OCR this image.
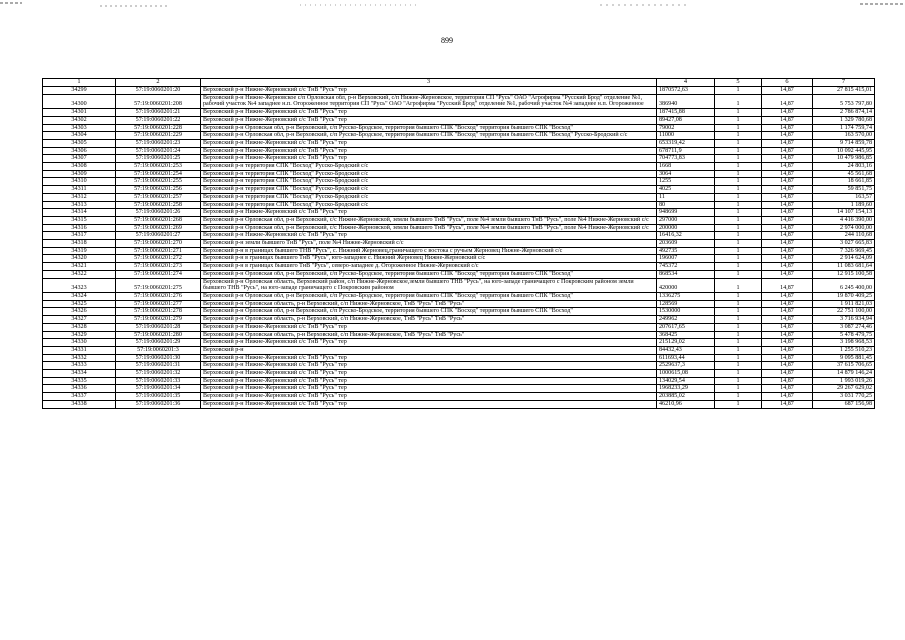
899
1	2	3	4	5	6	7
34299	57:19:0060201:20	Верховский р-н Нижне-Жерновский с/с ТнВ "Русь" тер	1870572,63	1	14,87	27 815 415,01
34300	57:19:0060201:208	Верховский р-н Нижне-Жерновское с/п Орловская обл, р-н Верховский, с/п Нижне-Жерновское, территория СП "Русь" ОАО "Агрофирма "Русский Брод" отделение №1, рабочий участок №4 западнее н.п. Огороженное территория СП "Русь" ОАО "Агрофирма "Русский Брод" отделение №1, рабочий участок №4 западнее н.п. Огороженное	386940	1	14,87	5 753 797,80
34301	57:19:0060201:21	Верховский р-н Нижне-Жерновский с/с ТнВ "Русь" тер	187415,88	1	14,87	2 786 874,14
34302	57:19:0060201:22	Верховский р-н Нижне-Жерновский с/с ТнВ "Русь" тер	89427,08	1	14,87	1 329 780,68
34303	57:19:0060201:228	Верховский р-н Орловская обл, р-н Верховский, с/п Русско-Бродское, территория бывшего СПК "Восход" территория бывшего СПК "Восход"	79002	1	14,87	1 174 759,74
34304	57:19:0060201:229	Верховский р-н Орловская обл, р-н Верховский, с/п Русско-Бродское, территория бывшего СПК "Восход" территория бывшего СПК "Восход" Русско-Бродский с/с	11000	1	14,87	163 570,00
34305	57:19:0060201:23	Верховский р-н Нижне-Жерновский с/с ТнВ "Русь" тер	653319,42	1	14,87	9 714 859,78
34306	57:19:0060201:24	Верховский р-н Нижне-Жерновский с/с ТнВ "Русь" тер	678711,9	1	14,87	10 092 445,95
34307	57:19:0060201:25	Верховский р-н Нижне-Жерновский с/с ТнВ "Русь" тер	704773,83	1	14,87	10 479 986,85
34308	57:19:0060201:253	Верховский р-н территория СПК "Восход" Русско-Бродский с/с	1668	1	14,87	24 803,16
34309	57:19:0060201:254	Верховский р-н территория СПК "Восход" Русско-Бродский с/с	3064	1	14,87	45 561,68
34310	57:19:0060201:255	Верховский р-н территория СПК "Восход" Русско-Бродский с/с	1255	1	14,87	18 661,85
34311	57:19:0060201:256	Верховский р-н территория СПК "Восход" Русско-Бродский с/с	4025	1	14,87	59 851,75
34312	57:19:0060201:257	Верховский р-н территория СПК "Восход" Русско-Бродский с/с	11	1	14,87	163,57
34313	57:19:0060201:258	Верховский р-н территория СПК "Восход" Русско-Бродский с/с	80	1	14,87	1 189,60
34314	57:19:0060201:26	Верховский р-н Нижне-Жерновский с/с ТнВ "Русь" тер	948699	1	14,87	14 107 154,13
34315	57:19:0060201:268	Верховский р-н Орловская обл, р-н Верховский, с/с Нижне-Жерновской, земли бывшего ТнВ "Русь", поле №4 земли бывшего ТнВ "Русь", поле №4 Нижне-Жерновский с/с	297000	1	14,87	4 416 390,00
34316	57:19:0060201:269	Верховский р-н Орловская обл, р-н Верховский, с/с Нижне-Жерновской, земли бывшего ТнВ "Русь", поле №4 земли бывшего ТнВ "Русь", поле №4 Нижне-Жерновский с/с	200000	1	14,87	2 974 000,00
34317	57:19:0060201:27	Верховский р-н Нижне-Жерновский с/с ТнВ "Русь" тер	16416,32	1	14,87	244 110,68
34318	57:19:0060201:270	Верховский р-н земли бывшего ТнВ "Русь", поле №4 Нижне-Жерновский с/с	203609	1	14,87	3 027 665,83
34319	57:19:0060201:271	Верховский р-н в границах бывшего ТНВ "Русь", с. Нижний Жерновец,граничащего с востока с ручьем Жерновец Нижне-Жерновский с/с	492735	1	14,87	7 326 969,45
34320	57:19:0060201:272	Верховский р-н в границах бывшего ТнВ "Русь", юго-западнее с. Нижний Жерновец Нижне-Жерновский с/с	196007	1	14,87	2 914 624,09
34321	57:19:0060201:273	Верховский р-н в границах бывшего ТнВ "Русь", северо-западнее д. Огороженное Нижне-Жерновский с/с	745372	1	14,87	11 083 681,64
34322	57:19:0060201:274	Верховский р-н Орловская обл, р-н Верховский, с/п Русско-Бродское, территория бывшего СПК "Восход" территория бывшего СПК "Восход"	868534	1	14,87	12 915 100,58
34323	57:19:0060201:275	Верховский р-н Орловская область, Верховский район, с/п Нижне-Жерновское,земли бывшего ТНВ "Русь", на юго-западе граничащего с Покровским районом земли бывшего ТНВ "Русь", на юго-западе граничащего с Покровским районом	420000	1	14,87	6 245 400,00
34324	57:19:0060201:276	Верховский р-н Орловская обл, р-н Верховский, с/п Русско-Бродское, территория бывшего СПК "Восход" территория бывшего СПК "Восход"	1336275	1	14,87	19 870 409,25
34325	57:19:0060201:277	Верховский р-н Орловская область, р-н Верховский, с/п Нижне-Жерновское, ТнВ "Русь" ТнВ "Русь"	128569	1	14,87	1 911 821,03
34326	57:19:0060201:278	Верховский р-н Орловская обл, р-н Верховский, с/п Русско-Бродское, территория бывшего СПК "Восход" территория бывшего СПК "Восход"	1530000	1	14,87	22 751 100,00
34327	57:19:0060201:279	Верховский р-н Орловская область, р-н Верховский, с/п Нижне-Жерновское, ТнВ "Русь" ТнВ "Русь"	249962	1	14,87	3 716 934,94
34328	57:19:0060201:28	Верховский р-н Нижне-Жерновский с/с ТнВ "Русь" тер	207617,65	1	14,87	3 087 274,46
34329	57:19:0060201:280	Верховский р-н Орловская область, р-н Верховский, с/п Нижне-Жерновское, ТнВ "Русь" ТнВ "Русь"	368425	1	14,87	5 478 479,75
34330	57:19:0060201:29	Верховский р-н Нижне-Жерновский с/с ТнВ "Русь" тер	215129,02	1	14,87	3 198 968,53
34331	57:19:0060201:3	Верховский р-н	84432,43	1	14,87	1 255 510,23
34332	57:19:0060201:30	Верховский р-н Нижне-Жерновский с/с ТнВ "Русь" тер	611693,44	1	14,87	9 095 881,45
34333	57:19:0060201:31	Верховский р-н Нижне-Жерновский с/с ТнВ "Русь" тер	2529637,3	1	14,87	37 615 706,65
34334	57:19:0060201:32	Верховский р-н Нижне-Жерновский с/с ТнВ "Русь" тер	1000615,08	1	14,87	14 879 146,24
34335	57:19:0060201:33	Верховский р-н Нижне-Жерновский с/с ТнВ "Русь" тер	134029,54	1	14,87	1 993 019,26
34336	57:19:0060201:34	Верховский р-н Нижне-Жерновский с/с ТнВ "Русь" тер	1968233,29	1	14,87	29 267 629,02
34337	57:19:0060201:35	Верховский р-н Нижне-Жерновский с/с ТнВ "Русь" тер	203885,02	1	14,87	3 031 770,25
34338	57:19:0060201:36	Верховский р-н Нижне-Жерновский с/с ТнВ "Русь" тер	46210,96	1	14,87	687 156,98
